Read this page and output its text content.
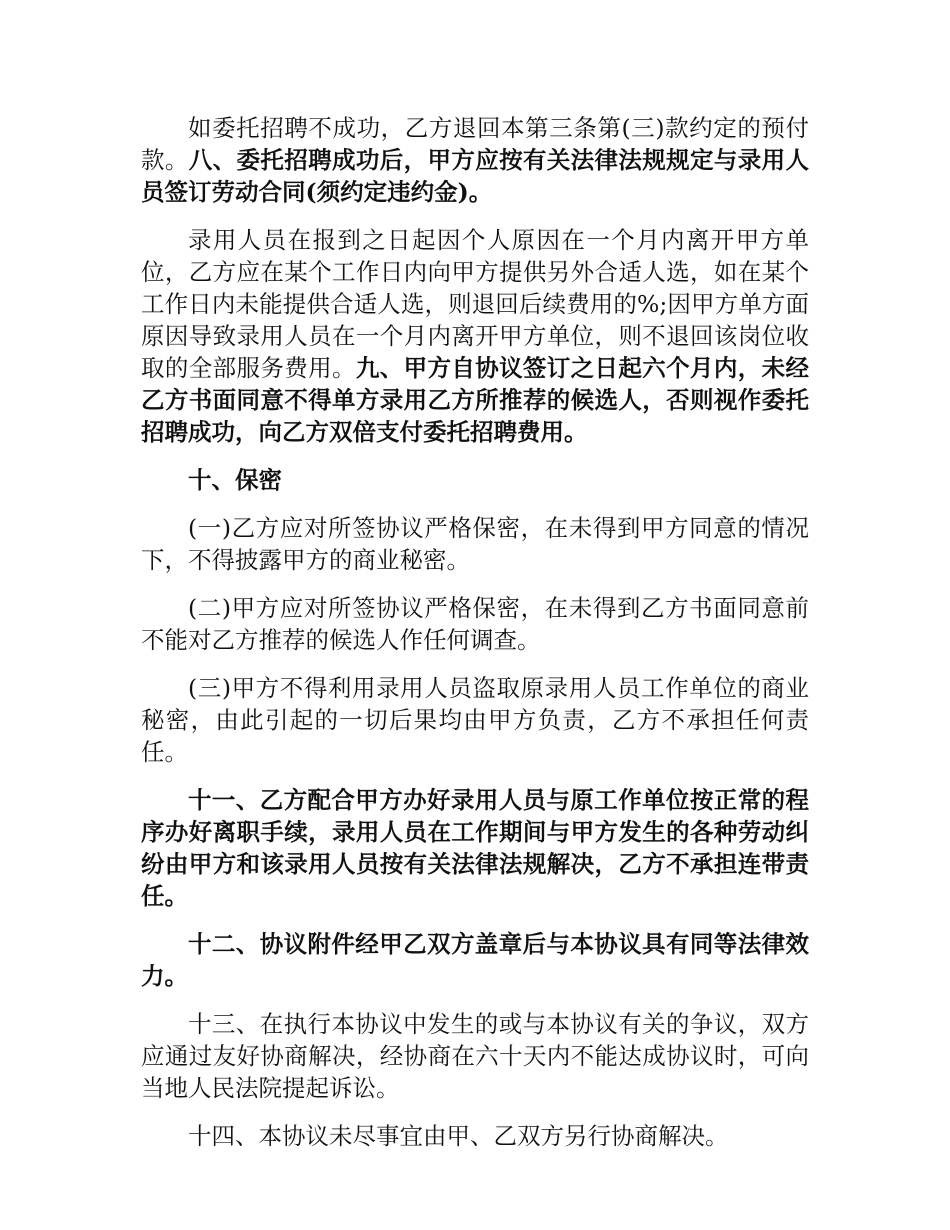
如委托招聘不成功，乙方退回本第三条第(三)款约定的预付款。八、委托招聘成功后，甲方应按有关法律法规规定与录用人员签订劳动合同(须约定违约金)。

录用人员在报到之日起因个人原因在一个月内离开甲方单位，乙方应在某个工作日内向甲方提供另外合适人选，如在某个工作日内未能提供合适人选，则退回后续费用的%;因甲方单方面原因导致录用人员在一个月内离开甲方单位，则不退回该岗位收取的全部服务费用。九、甲方自协议签订之日起六个月内，未经乙方书面同意不得单方录用乙方所推荐的候选人，否则视作委托招聘成功，向乙方双倍支付委托招聘费用。

十、保密

(一)乙方应对所签协议严格保密，在未得到甲方同意的情况下，不得披露甲方的商业秘密。

(二)甲方应对所签协议严格保密，在未得到乙方书面同意前不能对乙方推荐的候选人作任何调查。

(三)甲方不得利用录用人员盗取原录用人员工作单位的商业秘密，由此引起的一切后果均由甲方负责，乙方不承担任何责任。

十一、乙方配合甲方办好录用人员与原工作单位按正常的程序办好离职手续，录用人员在工作期间与甲方发生的各种劳动纠纷由甲方和该录用人员按有关法律法规解决，乙方不承担连带责任。

十二、协议附件经甲乙双方盖章后与本协议具有同等法律效力。

十三、在执行本协议中发生的或与本协议有关的争议，双方应通过友好协商解决，经协商在六十天内不能达成协议时，可向当地人民法院提起诉讼。

十四、本协议未尽事宜由甲、乙双方另行协商解决。
